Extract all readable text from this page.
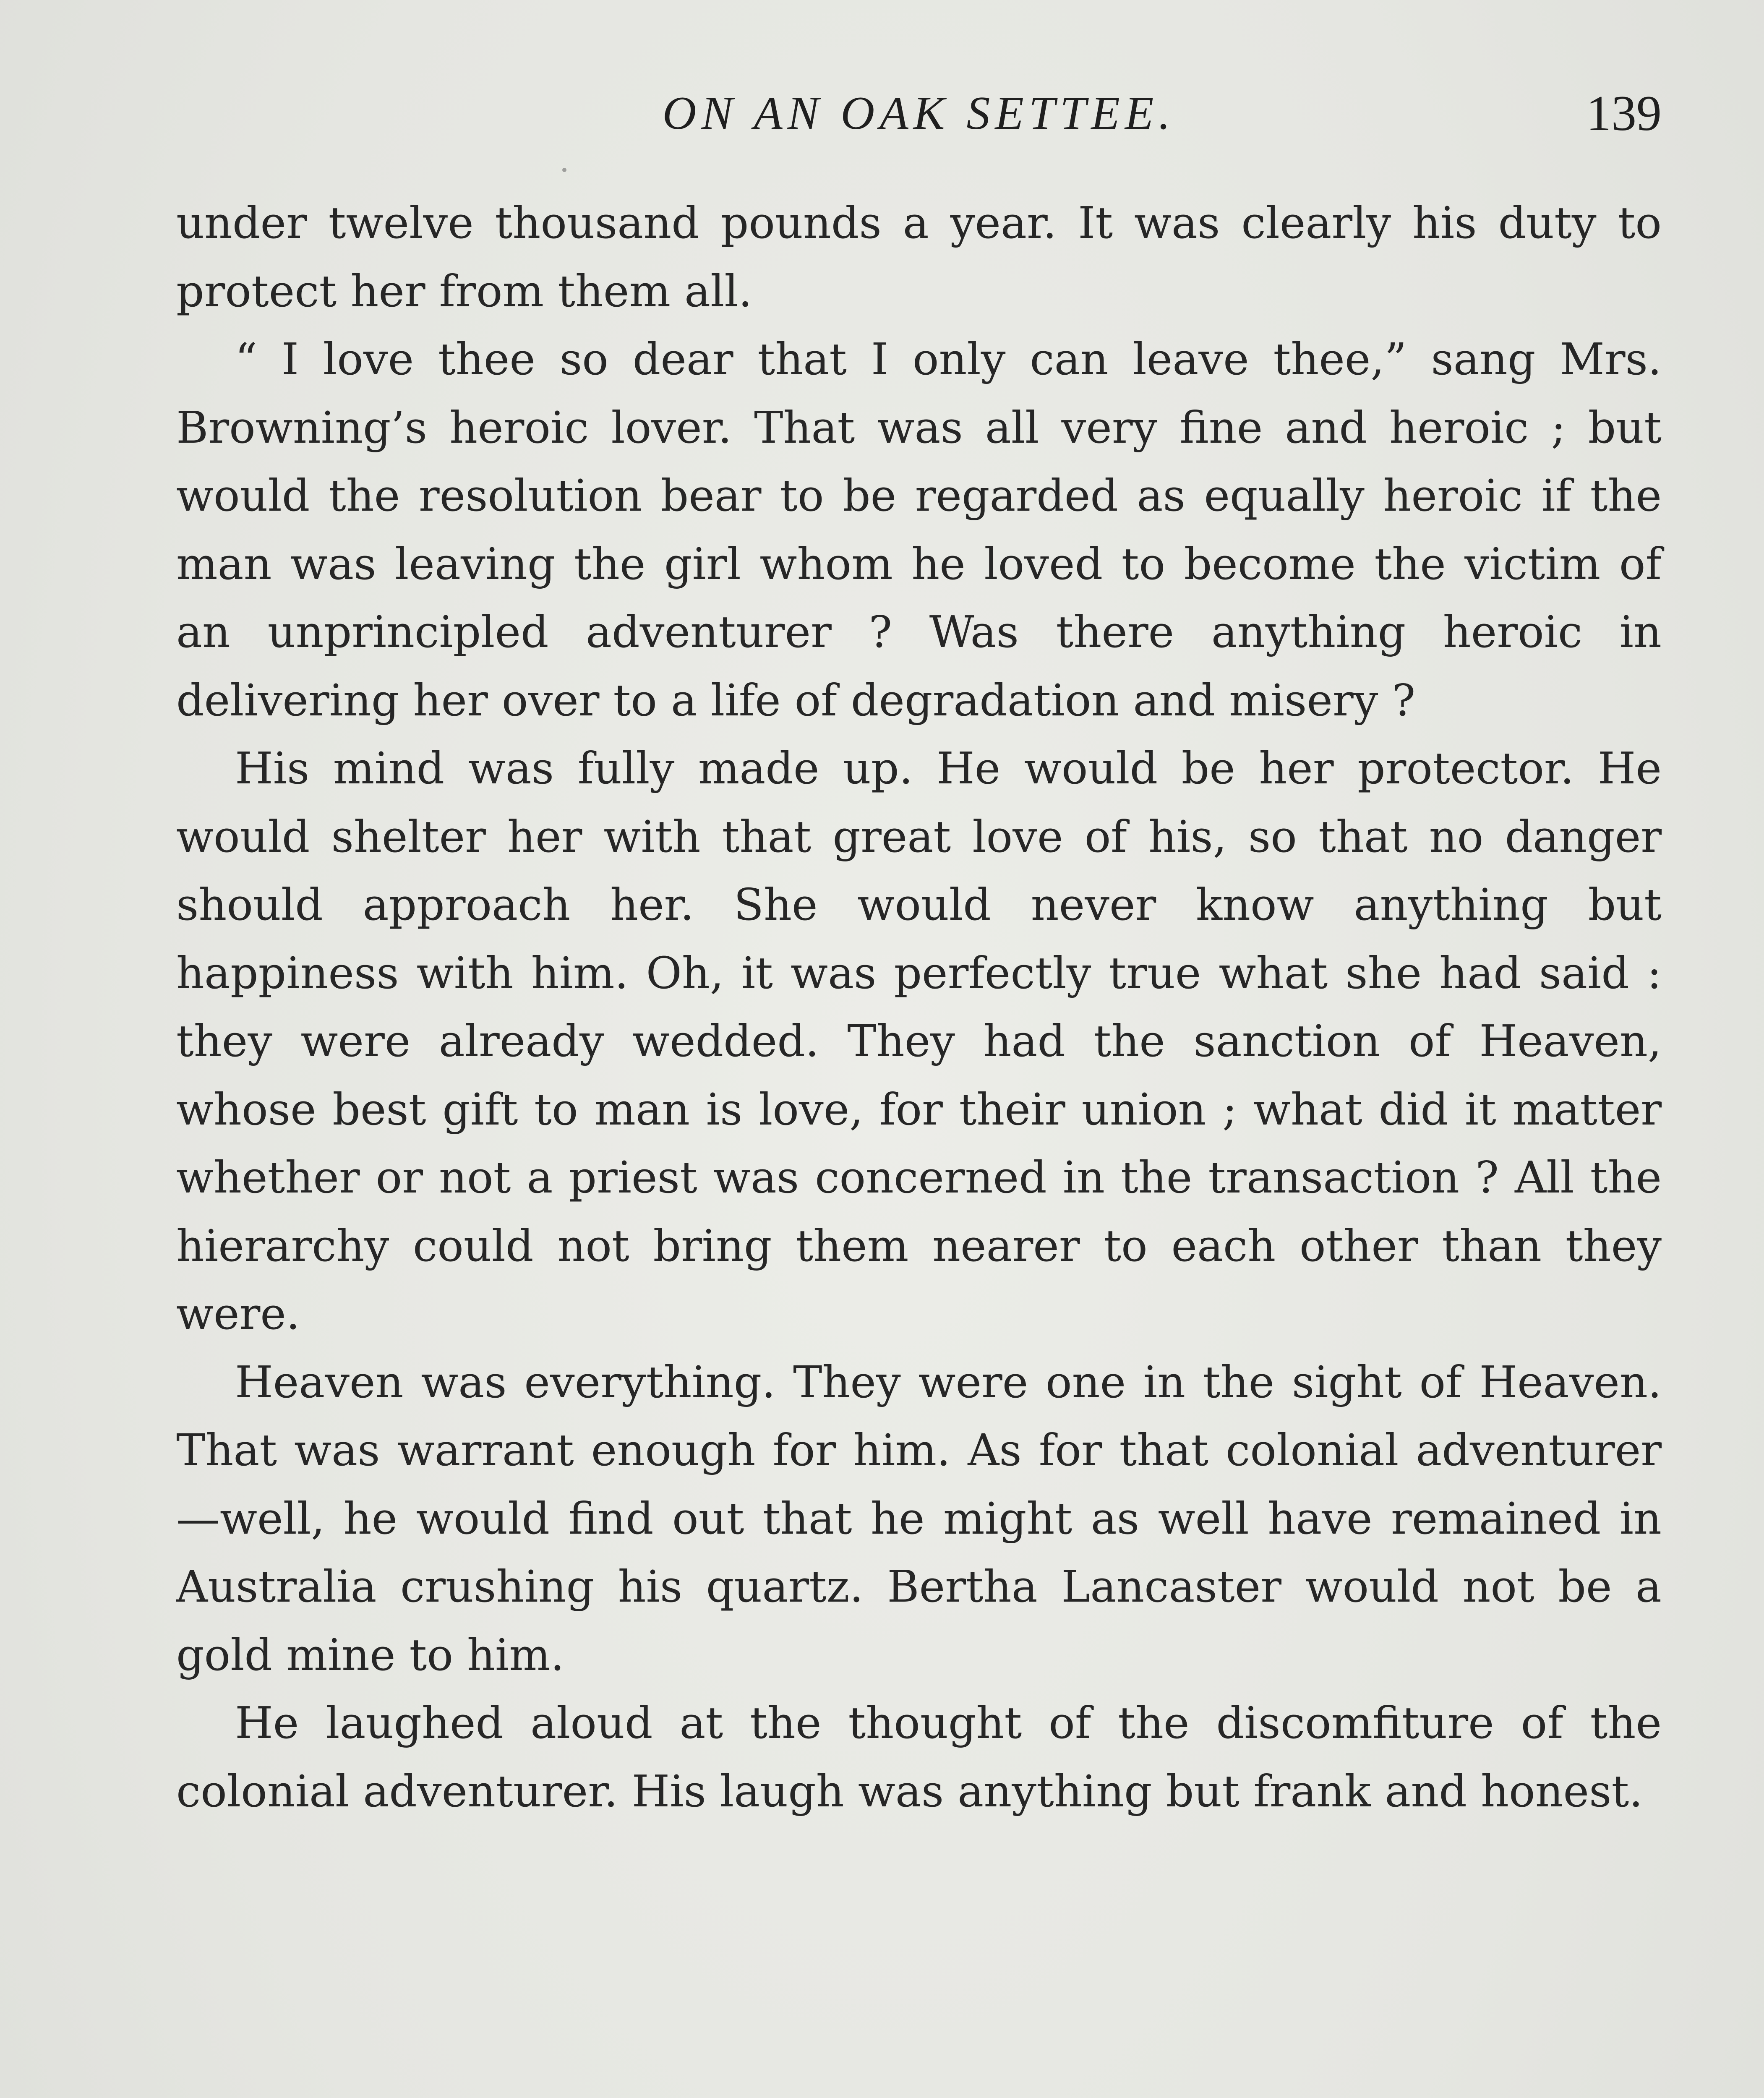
ON AN OAK SETTEE.	139

under twelve thousand pounds a year. It was clearly his duty to protect her from them all.

“ I love thee so dear that I only can leave thee,” sang Mrs. Browning’s heroic lover. That was all very fine and heroic ; but would the resolution bear to be regarded as equally heroic if the man was leaving the girl whom he loved to become the victim of an unprincipled adventurer ? Was there anything heroic in delivering her over to a life of degradation and misery ?

His mind was fully made up. He would be her protector. He would shelter her with that great love of his, so that no danger should approach her. She would never know anything but happiness with him. Oh, it was perfectly true what she had said : they were already wedded. They had the sanction of Heaven, whose best gift to man is love, for their union ; what did it matter whether or not a priest was concerned in the transaction ? All the hierarchy could not bring them nearer to each other than they were.

Heaven was everything. They were one in the sight of Heaven. That was warrant enough for him. As for that colonial adventurer—well, he would find out that he might as well have remained in Australia crushing his quartz. Bertha Lancaster would not be a gold mine to him.

He laughed aloud at the thought of the discomfiture of the colonial adventurer. His laugh was anything but frank and honest.
